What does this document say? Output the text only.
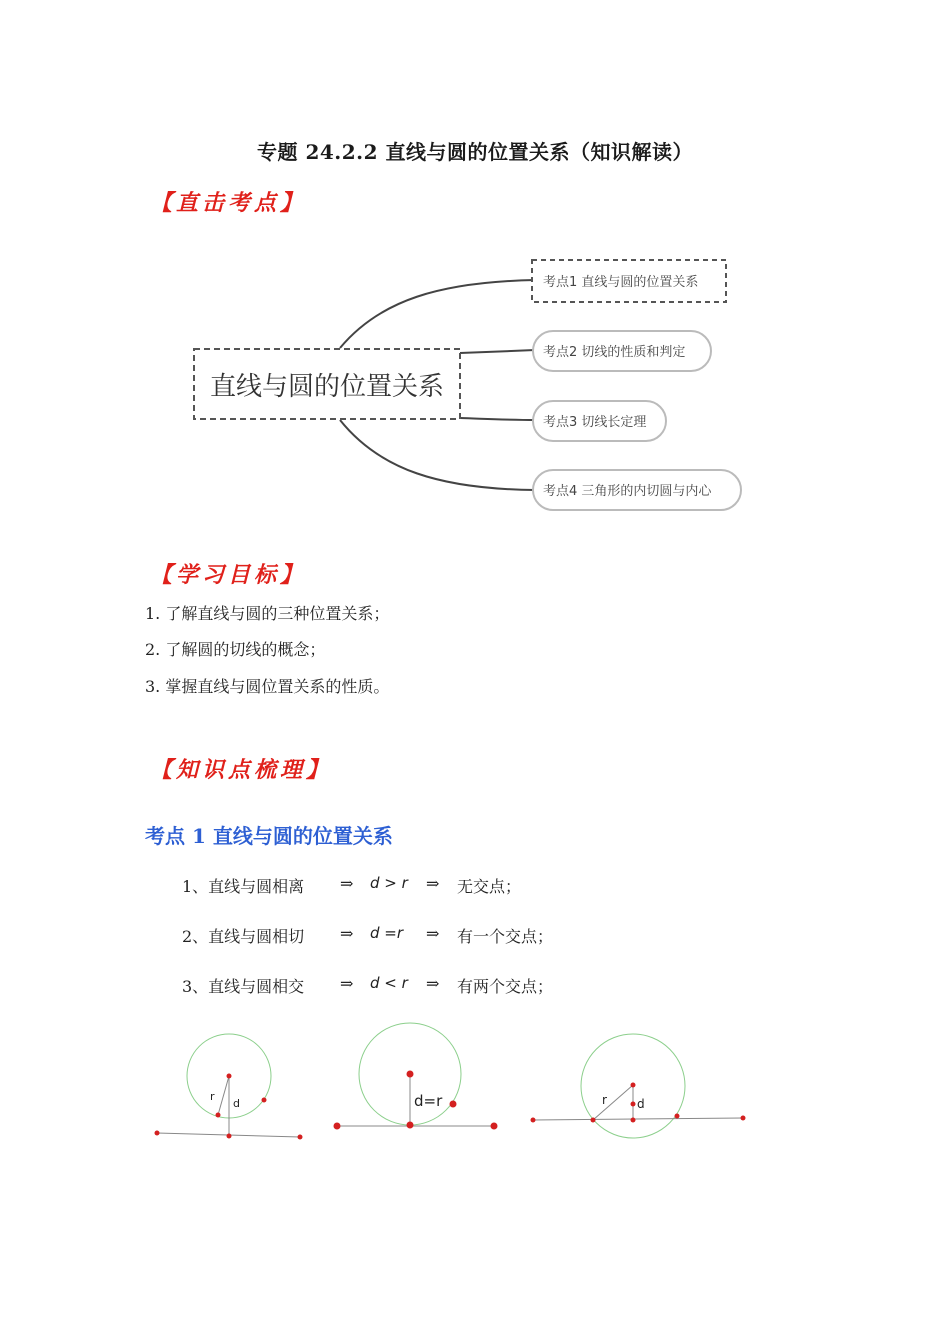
专题 24.2.2 直线与圆的位置关系（知识解读）
【直击考点】
直线与圆的位置关系
考点1 直线与圆的位置关系
考点2 切线的性质和判定
考点3 切线长定理
考点4 三角形的内切圆与内心
【学习目标】
1. 了解直线与圆的三种位置关系；
2. 了解圆的切线的概念；
3. 掌握直线与圆位置关系的性质。
【知识点梳理】
考点 1 直线与圆的位置关系
1、直线与圆相离 ⇒ d > r ⇒ 无交点；
2、直线与圆相切 ⇒ d =r ⇒ 有一个交点；
3、直线与圆相交 ⇒ d < r ⇒ 有两个交点；
r
d	d=r	r	d
